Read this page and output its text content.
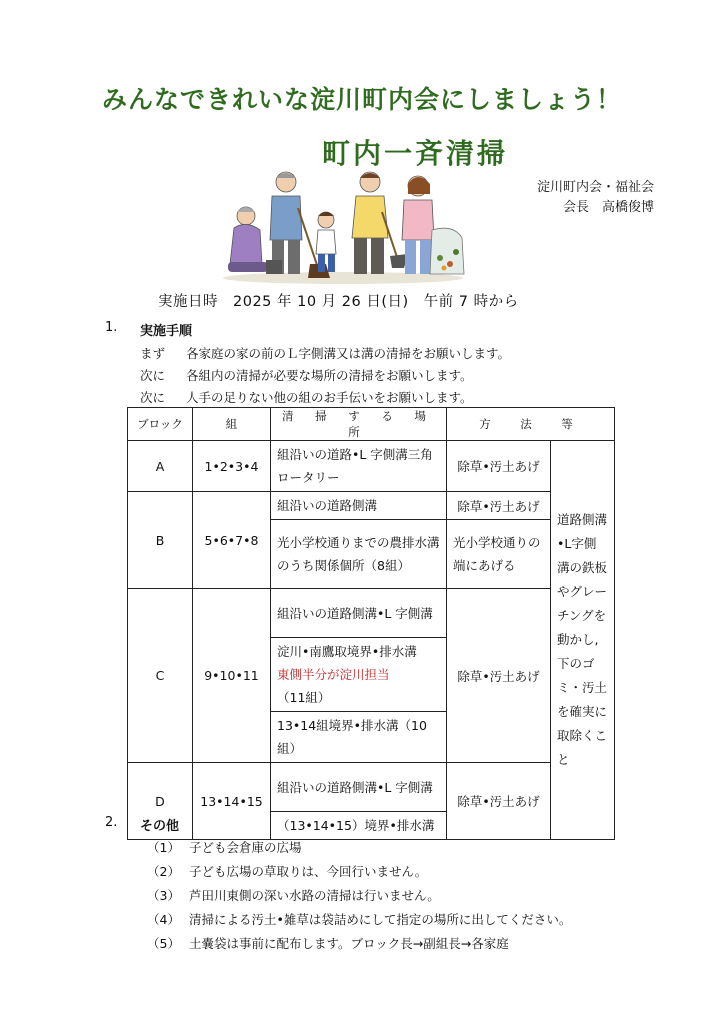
みんなできれいな淀川町内会にしましょう！
町内一斉清掃
淀川町内会・福祉会
会長　高橋俊博
実施日時　2025 年 10 月 26 日(日)　午前 7 時から
1. 実施手順
まず 各家庭の家の前のＬ字側溝又は溝の清掃をお願いします。
次に 各組内の清掃が必要な場所の清掃をお願いします。
次に 人手の足りない他の組のお手伝いをお願いします。
ブロック	組	清 掃 す る 場 所	方　法　等	
A	1•2•3•4	組沿いの道路•L 字側溝三角ロータリー	除草•汚土あげ	道路側溝•L字側溝の鉄板やグレーチングを動かし,下のゴミ・汚土を確実に取除くこと
B	5•6•7•8	組沿いの道路側溝	除草•汚土あげ	
		光小学校通りまでの農排水溝のうち関係個所（8組）	光小学校通りの端にあげる	
C	9•10•11	組沿いの道路側溝•L 字側溝	除草•汚土あげ	

		淀川•南鷹取境界•排水溝
東側半分が淀川担当
（11組）		

		13•14組境界•排水溝（10組）		
D	13•14•15	組沿いの道路側溝•L 字側溝	除草•汚土あげ	
		（13•14•15）境界•排水溝		
2. その他
（1） 子ども会倉庫の広場
（2） 子ども広場の草取りは、今回行いません。
（3） 芦田川東側の深い水路の清掃は行いません。
（4） 清掃による汚土•雑草は袋詰めにして指定の場所に出してください。
（5） 土嚢袋は事前に配布します。ブロック長→副組長→各家庭
